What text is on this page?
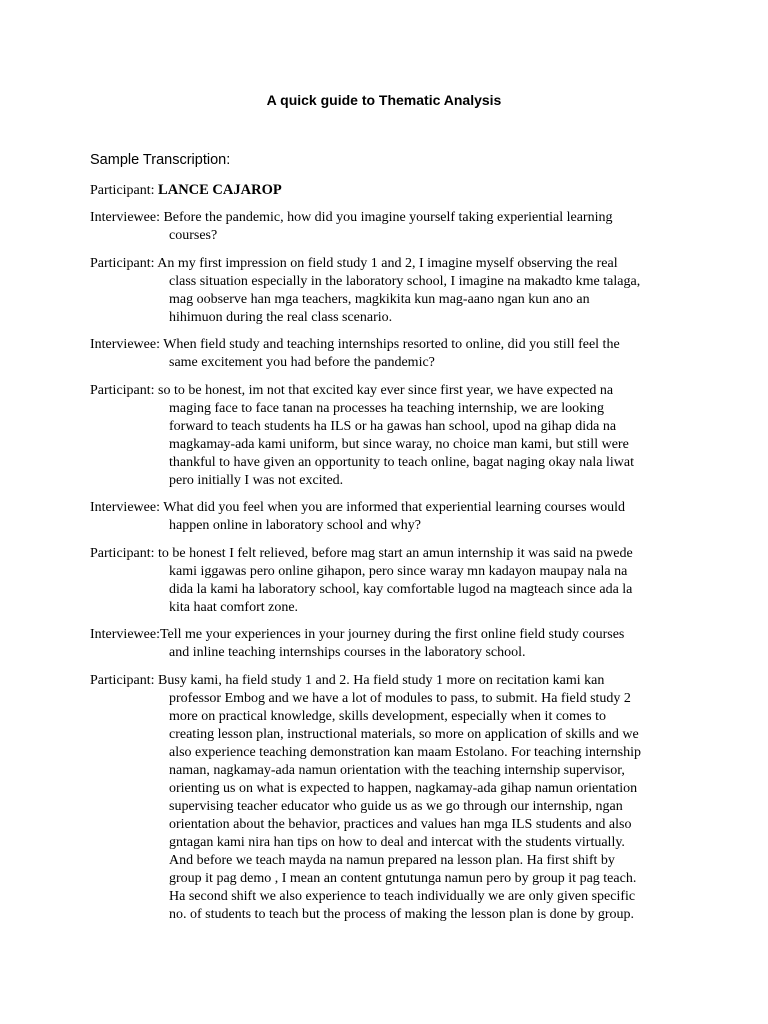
A quick guide to Thematic Analysis
Sample Transcription:
Participant: LANCE CAJAROP
Interviewee: Before the pandemic, how did you imagine yourself taking experiential learning
courses?
Participant: An my first impression on field study 1 and 2, I imagine myself observing the real
class situation especially in the laboratory school, I imagine na makadto kme talaga,
mag oobserve han mga teachers, magkikita kun mag-aano ngan kun ano an
hihimuon during the real class scenario.
Interviewee: When field study and teaching internships resorted to online, did you still feel the
same excitement you had before the pandemic?
Participant: so to be honest, im not that excited kay ever since first year, we have expected na
maging face to face tanan na processes ha teaching internship, we are looking
forward to teach students ha ILS or ha gawas han school, upod na gihap dida na
magkamay-ada kami uniform, but since waray, no choice man kami, but still were
thankful to have given an opportunity to teach online, bagat naging okay nala liwat
pero initially I was not excited.
Interviewee: What did you feel when you are informed that experiential learning courses would
happen online in laboratory school and why?
Participant: to be honest I felt relieved, before mag start an amun internship it was said na pwede
kami iggawas pero online gihapon, pero since waray mn kadayon maupay nala na
dida la kami ha laboratory school, kay comfortable lugod na magteach since ada la
kita haat comfort zone.
Interviewee:Tell me your experiences in your journey during the first online field study courses
and inline teaching internships courses in the laboratory school.
Participant: Busy kami, ha field study 1 and 2. Ha field study 1 more on recitation kami kan
professor Embog and we have a lot of modules to pass, to submit. Ha field study 2
more on practical knowledge, skills development, especially when it comes to
creating lesson plan, instructional materials, so more on application of skills and we
also experience teaching demonstration kan maam Estolano. For teaching internship
naman, nagkamay-ada namun orientation with the teaching internship supervisor,
orienting us on what is expected to happen, nagkamay-ada gihap namun orientation
supervising teacher educator who guide us as we go through our internship, ngan
orientation about the behavior, practices and values han mga ILS students and also
gntagan kami nira han tips on how to deal and intercat with the students virtually.
And before we teach mayda na namun prepared na lesson plan. Ha first shift by
group it pag demo , I mean an content gntutunga namun pero by group it pag teach.
Ha second shift we also experience to teach individually we are only given specific
no. of students to teach but the process of making the lesson plan is done by group.
